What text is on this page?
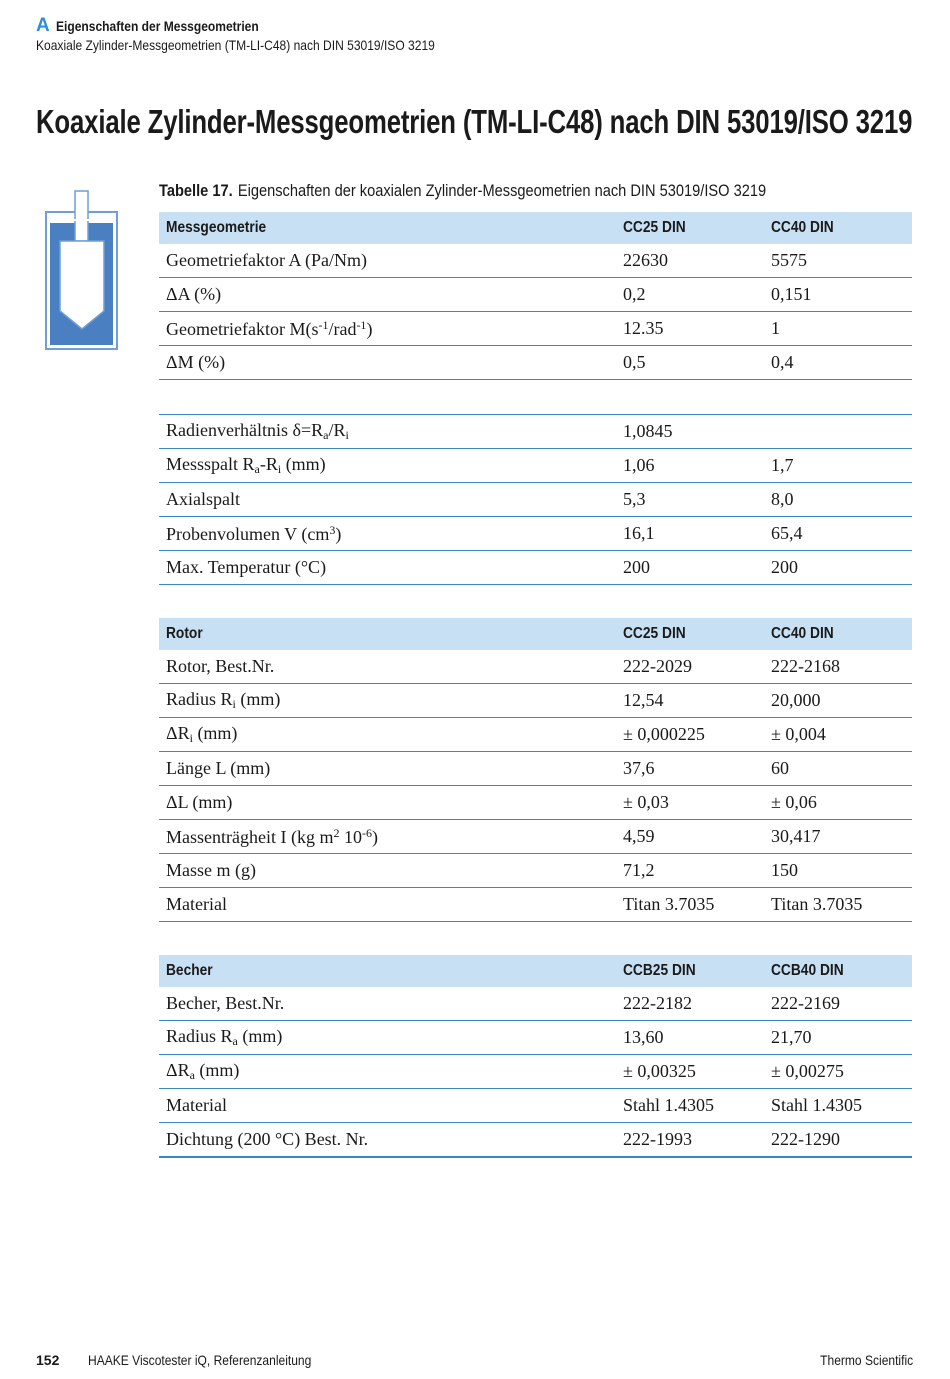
A Eigenschaften der Messgeometrien
Koaxiale Zylinder-Messgeometrien (TM-LI-C48) nach DIN 53019/ISO 3219
Koaxiale Zylinder-Messgeometrien (TM-LI-C48) nach DIN 53019/ISO 3219
Tabelle 17. Eigenschaften der koaxialen Zylinder-Messgeometrien nach DIN 53019/ISO 3219
Messgeometrie	CC25 DIN	CC40 DIN
Geometriefaktor A (Pa/Nm)	22630	5575
ΔA (%)	0,2	0,151
Geometriefaktor $M(s^{-1}/rad^{-1})$	12.35	1
ΔM (%)	0,5	0,4

Radienverhältnis $\delta=R_a/R_i$	1,0845	
Messspalt $R_a-R_i$ (mm)	1,06	1,7
Axialspalt	5,3	8,0
Probenvolumen V $(cm^3)$	16,1	65,4
Max. Temperatur (°C)	200	200

Rotor	CC25 DIN	CC40 DIN
Rotor, Best.Nr.	222-2029	222-2168
Radius $R_i$ (mm)	12,54	20,000
$\Delta R_i$ (mm)	± 0,000225	± 0,004
Länge L (mm)	37,6	60
ΔL (mm)	± 0,03	± 0,06
Massenträgheit I (kg $m^2$ $10^{-6}$)	4,59	30,417
Masse m (g)	71,2	150
Material	Titan 3.7035	Titan 3.7035

Becher	CCB25 DIN	CCB40 DIN
Becher, Best.Nr.	222-2182	222-2169
Radius $R_a$ (mm)	13,60	21,70
$\Delta R_a$ (mm)	± 0,00325	± 0,00275
Material	Stahl 1.4305	Stahl 1.4305
Dichtung (200 °C) Best. Nr.	222-1993	222-1290
152 HAAKE Viscotester iQ, Referenzanleitung	Thermo Scientific
